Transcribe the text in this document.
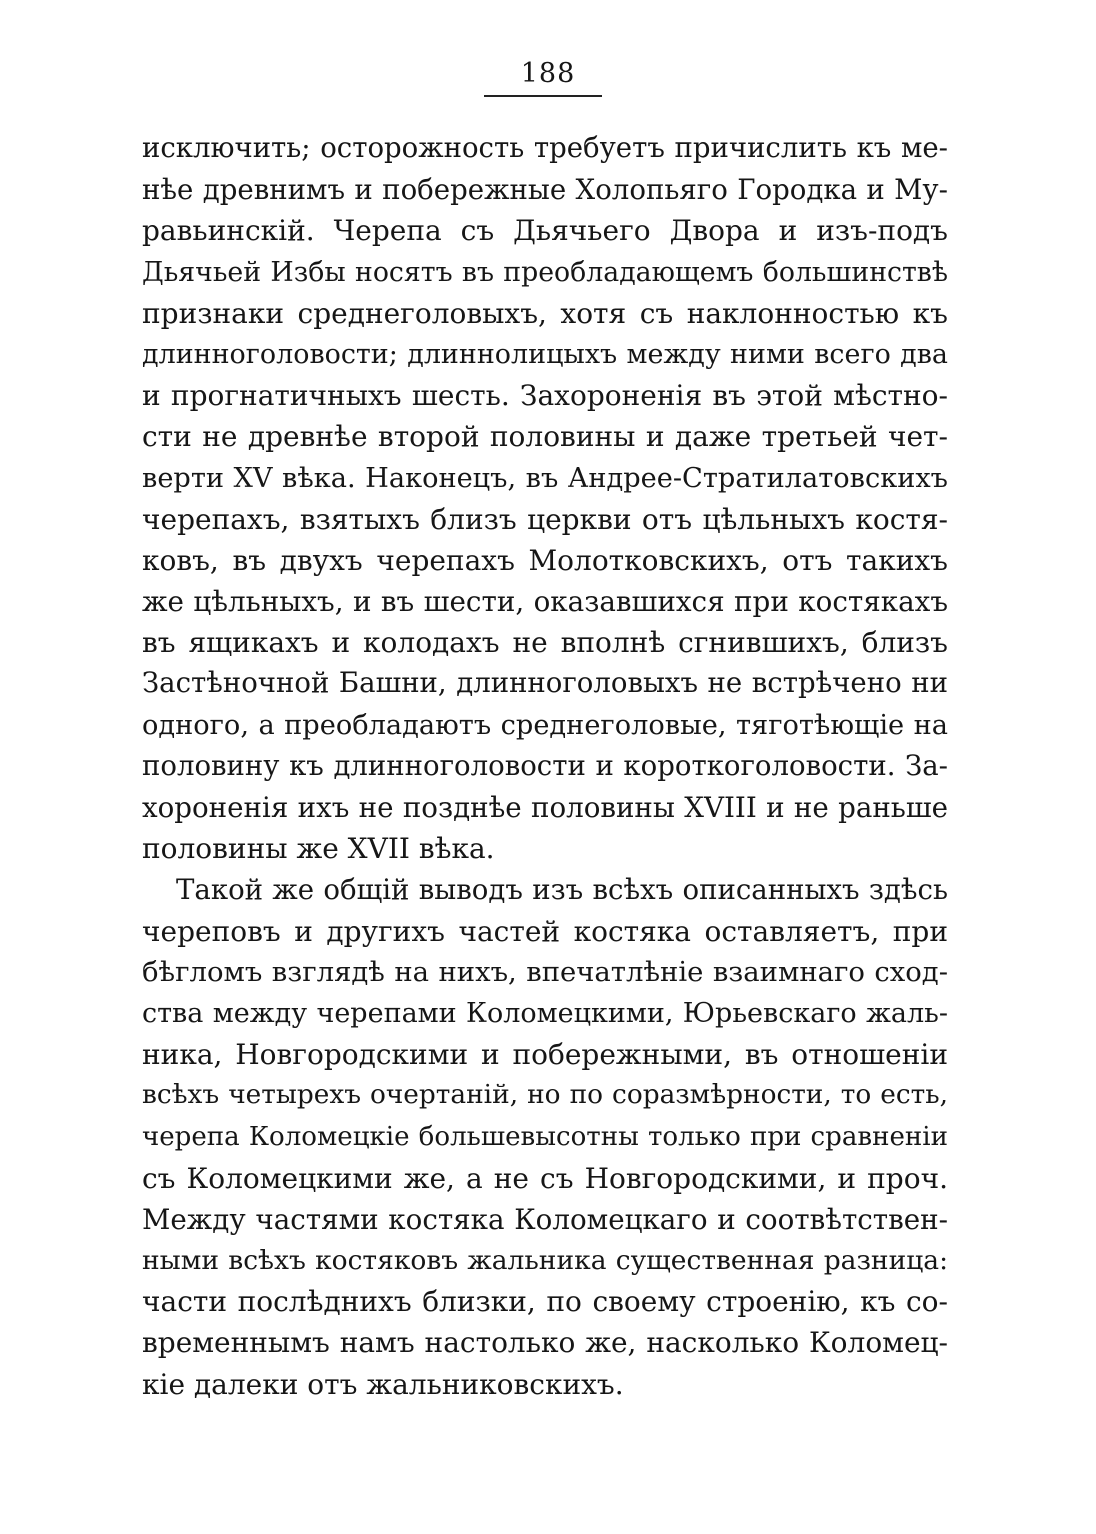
188
исключить; осторожность требуетъ причислить къ ме-
нѣе древнимъ и побережные Холопьяго Городка и Му-
равьинскій. Черепа съ Дьячьего Двора и изъ-подъ
Дьячьей Избы носятъ въ преобладающемъ большинствѣ
признаки среднеголовыхъ, хотя съ наклонностью къ
длинноголовости; длиннолицыхъ между ними всего два
и прогнатичныхъ шесть. Захороненія въ этой мѣстно-
сти не древнѣе второй половины и даже третьей чет-
верти XV вѣка. Наконецъ, въ Андрее-Стратилатовскихъ
черепахъ, взятыхъ близъ церкви отъ цѣльныхъ костя-
ковъ, въ двухъ черепахъ Молотковскихъ, отъ такихъ
же цѣльныхъ, и въ шести, оказавшихся при костякахъ
въ ящикахъ и колодахъ не вполнѣ сгнившихъ, близъ
Застѣночной Башни, длинноголовыхъ не встрѣчено ни
одного, а преобладаютъ среднеголовые, тяготѣющіе на
половину къ длинноголовости и короткоголовости. За-
хороненія ихъ не позднѣе половины XVIII и не раньше
половины же XVII вѣка.
Такой же общій выводъ изъ всѣхъ описанныхъ здѣсь
череповъ и другихъ частей костяка оставляетъ, при
бѣгломъ взглядѣ на нихъ, впечатлѣніе взаимнаго сход-
ства между черепами Коломецкими, Юрьевскаго жаль-
ника, Новгородскими и побережными, въ отношеніи
всѣхъ четырехъ очертаній, но по соразмѣрности, то есть,
черепа Коломецкіе большевысотны только при сравненіи
съ Коломецкими же, а не съ Новгородскими, и проч.
Между частями костяка Коломецкаго и соотвѣтствен-
ными всѣхъ костяковъ жальника существенная разница:
части послѣднихъ близки, по своему строенію, къ со-
временнымъ намъ настолько же, насколько Коломец-
кіе далеки отъ жальниковскихъ.
